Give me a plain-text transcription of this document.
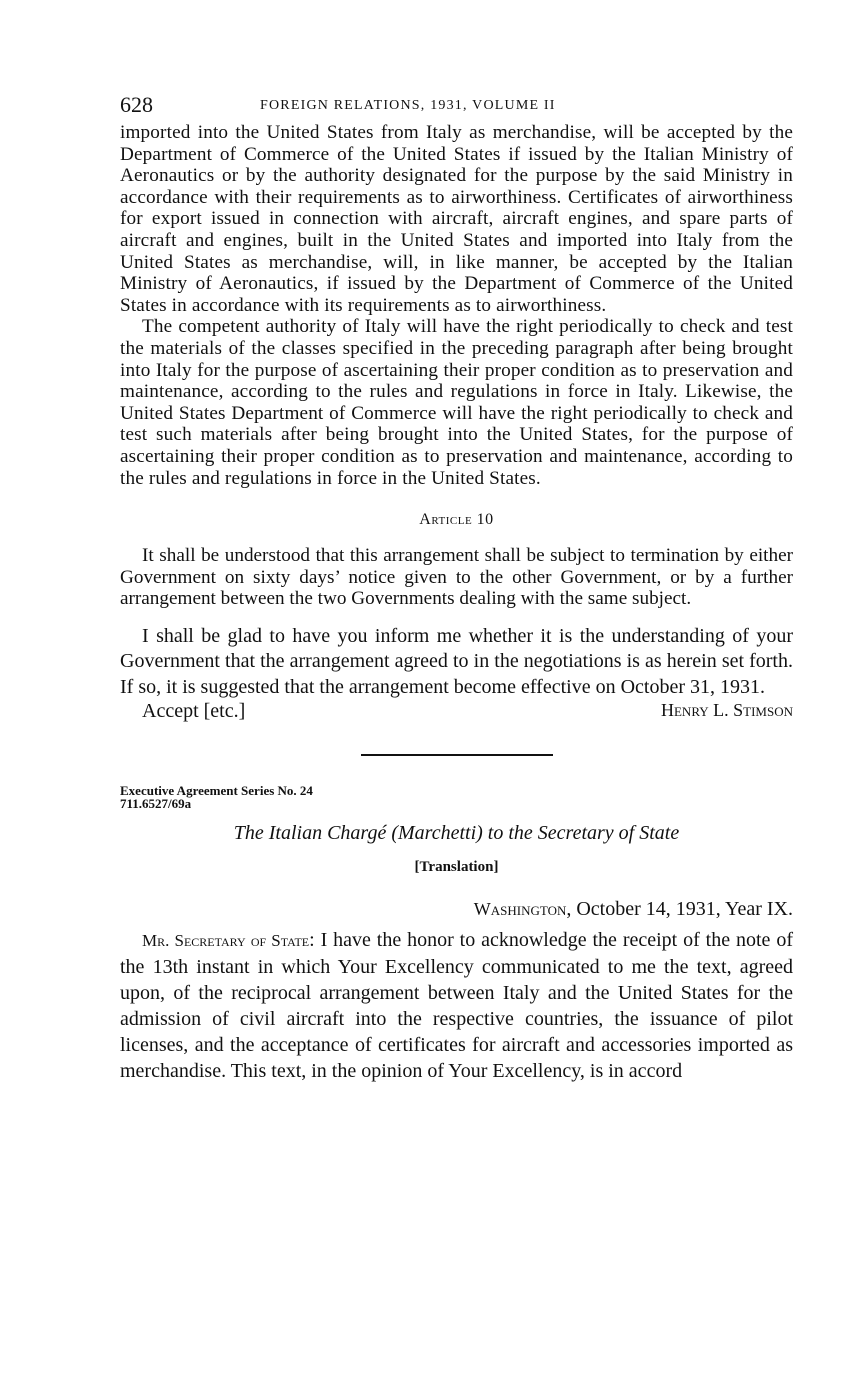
628	FOREIGN RELATIONS, 1931, VOLUME II

imported into the United States from Italy as merchandise, will be accepted by the Department of Commerce of the United States if issued by the Italian Ministry of Aeronautics or by the authority designated for the purpose by the said Ministry in accordance with their requirements as to airworthiness. Certificates of airworthiness for export issued in connection with aircraft, aircraft engines, and spare parts of aircraft and engines, built in the United States and imported into Italy from the United States as merchandise, will, in like manner, be accepted by the Italian Ministry of Aeronautics, if issued by the Department of Commerce of the United States in accordance with its requirements as to airworthiness.

The competent authority of Italy will have the right periodically to check and test the materials of the classes specified in the preceding paragraph after being brought into Italy for the purpose of ascertaining their proper condition as to preservation and maintenance, according to the rules and regulations in force in Italy. Likewise, the United States Department of Commerce will have the right periodically to check and test such materials after being brought into the United States, for the purpose of ascertaining their proper condition as to preservation and maintenance, according to the rules and regulations in force in the United States.

Article 10

It shall be understood that this arrangement shall be subject to termination by either Government on sixty days’ notice given to the other Government, or by a further arrangement between the two Governments dealing with the same subject.

I shall be glad to have you inform me whether it is the understanding of your Government that the arrangement agreed to in the negotiations is as herein set forth. If so, it is suggested that the arrangement become effective on October 31, 1931.

Accept [etc.]	Henry L. Stimson
Executive Agreement Series No. 24
711.6527/69a
The Italian Chargé (Marchetti) to the Secretary of State
[Translation]
Washington, October 14, 1931, Year IX.

Mr. Secretary of State: I have the honor to acknowledge the receipt of the note of the 13th instant in which Your Excellency communicated to me the text, agreed upon, of the reciprocal arrangement between Italy and the United States for the admission of civil aircraft into the respective countries, the issuance of pilot licenses, and the acceptance of certificates for aircraft and accessories imported as merchandise. This text, in the opinion of Your Excellency, is in accord
